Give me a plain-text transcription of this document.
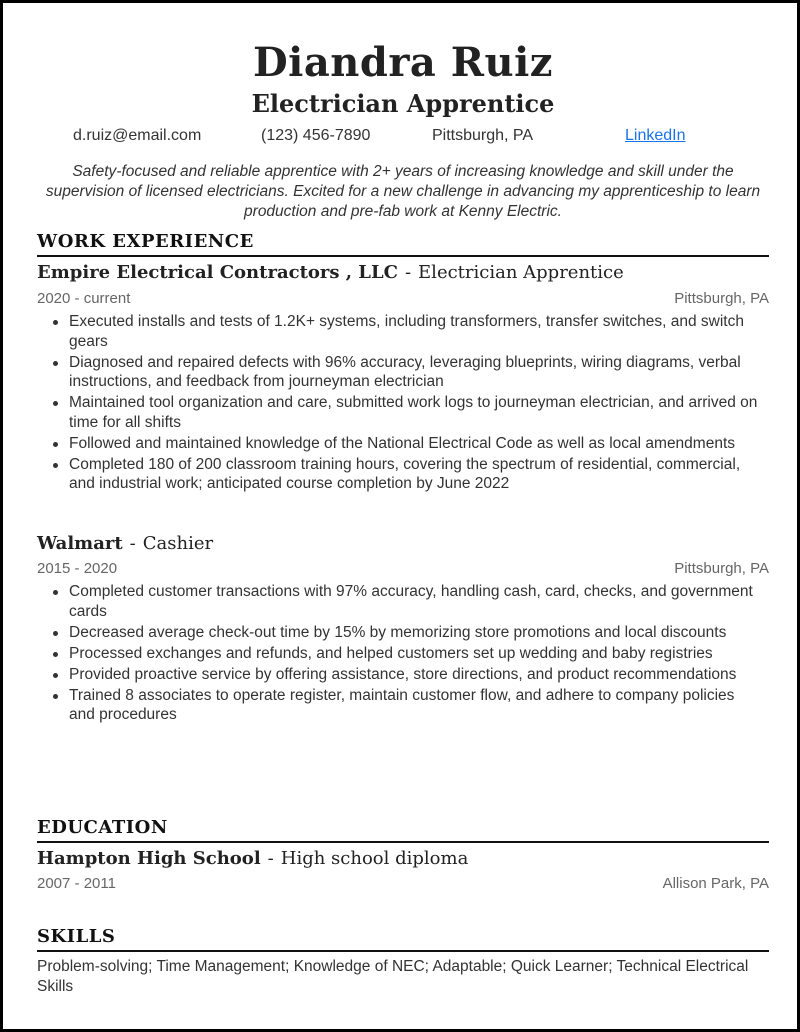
Diandra Ruiz
Electrician Apprentice
d.ruiz@email.com	(123) 456-7890	Pittsburgh, PA	LinkedIn
Safety-focused and reliable apprentice with 2+ years of increasing knowledge and skill under the supervision of licensed electricians. Excited for a new challenge in advancing my apprenticeship to learn production and pre-fab work at Kenny Electric.
WORK EXPERIENCE
Empire Electrical Contractors , LLC - Electrician Apprentice
2020 - current	Pittsburgh, PA
Executed installs and tests of 1.2K+ systems, including transformers, transfer switches, and switch gears
Diagnosed and repaired defects with 96% accuracy, leveraging blueprints, wiring diagrams, verbal instructions, and feedback from journeyman electrician
Maintained tool organization and care, submitted work logs to journeyman electrician, and arrived on time for all shifts
Followed and maintained knowledge of the National Electrical Code as well as local amendments
Completed 180 of 200 classroom training hours, covering the spectrum of residential, commercial, and industrial work; anticipated course completion by June 2022
Walmart - Cashier
2015 - 2020	Pittsburgh, PA
Completed customer transactions with 97% accuracy, handling cash, card, checks, and government cards
Decreased average check-out time by 15% by memorizing store promotions and local discounts
Processed exchanges and refunds, and helped customers set up wedding and baby registries
Provided proactive service by offering assistance, store directions, and product recommendations
Trained 8 associates to operate register, maintain customer flow, and adhere to company policies and procedures
EDUCATION
Hampton High School - High school diploma
2007 - 2011	Allison Park, PA
SKILLS
Problem-solving; Time Management; Knowledge of NEC; Adaptable; Quick Learner; Technical Electrical Skills
